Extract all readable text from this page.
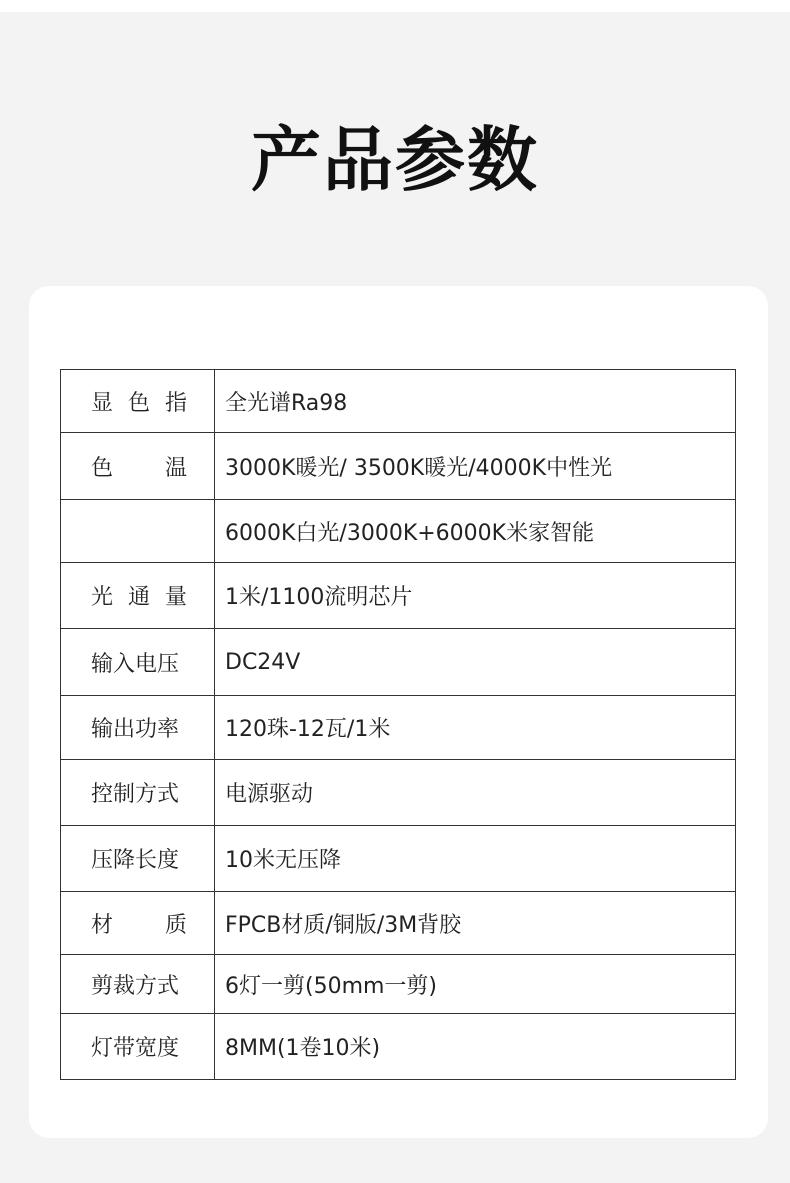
产品参数
显色指	全光谱Ra98
色温	3000K暖光/ 3500K暖光/4000K中性光
	6000K白光/3000K+6000K米家智能
光通量	1米/1100流明芯片
输入电压	DC24V
输出功率	120珠-12瓦/1米
控制方式	电源驱动
压降长度	10米无压降
材质	FPCB材质/铜版/3M背胶
剪裁方式	6灯一剪(50mm一剪)
灯带宽度	8MM(1卷10米)
